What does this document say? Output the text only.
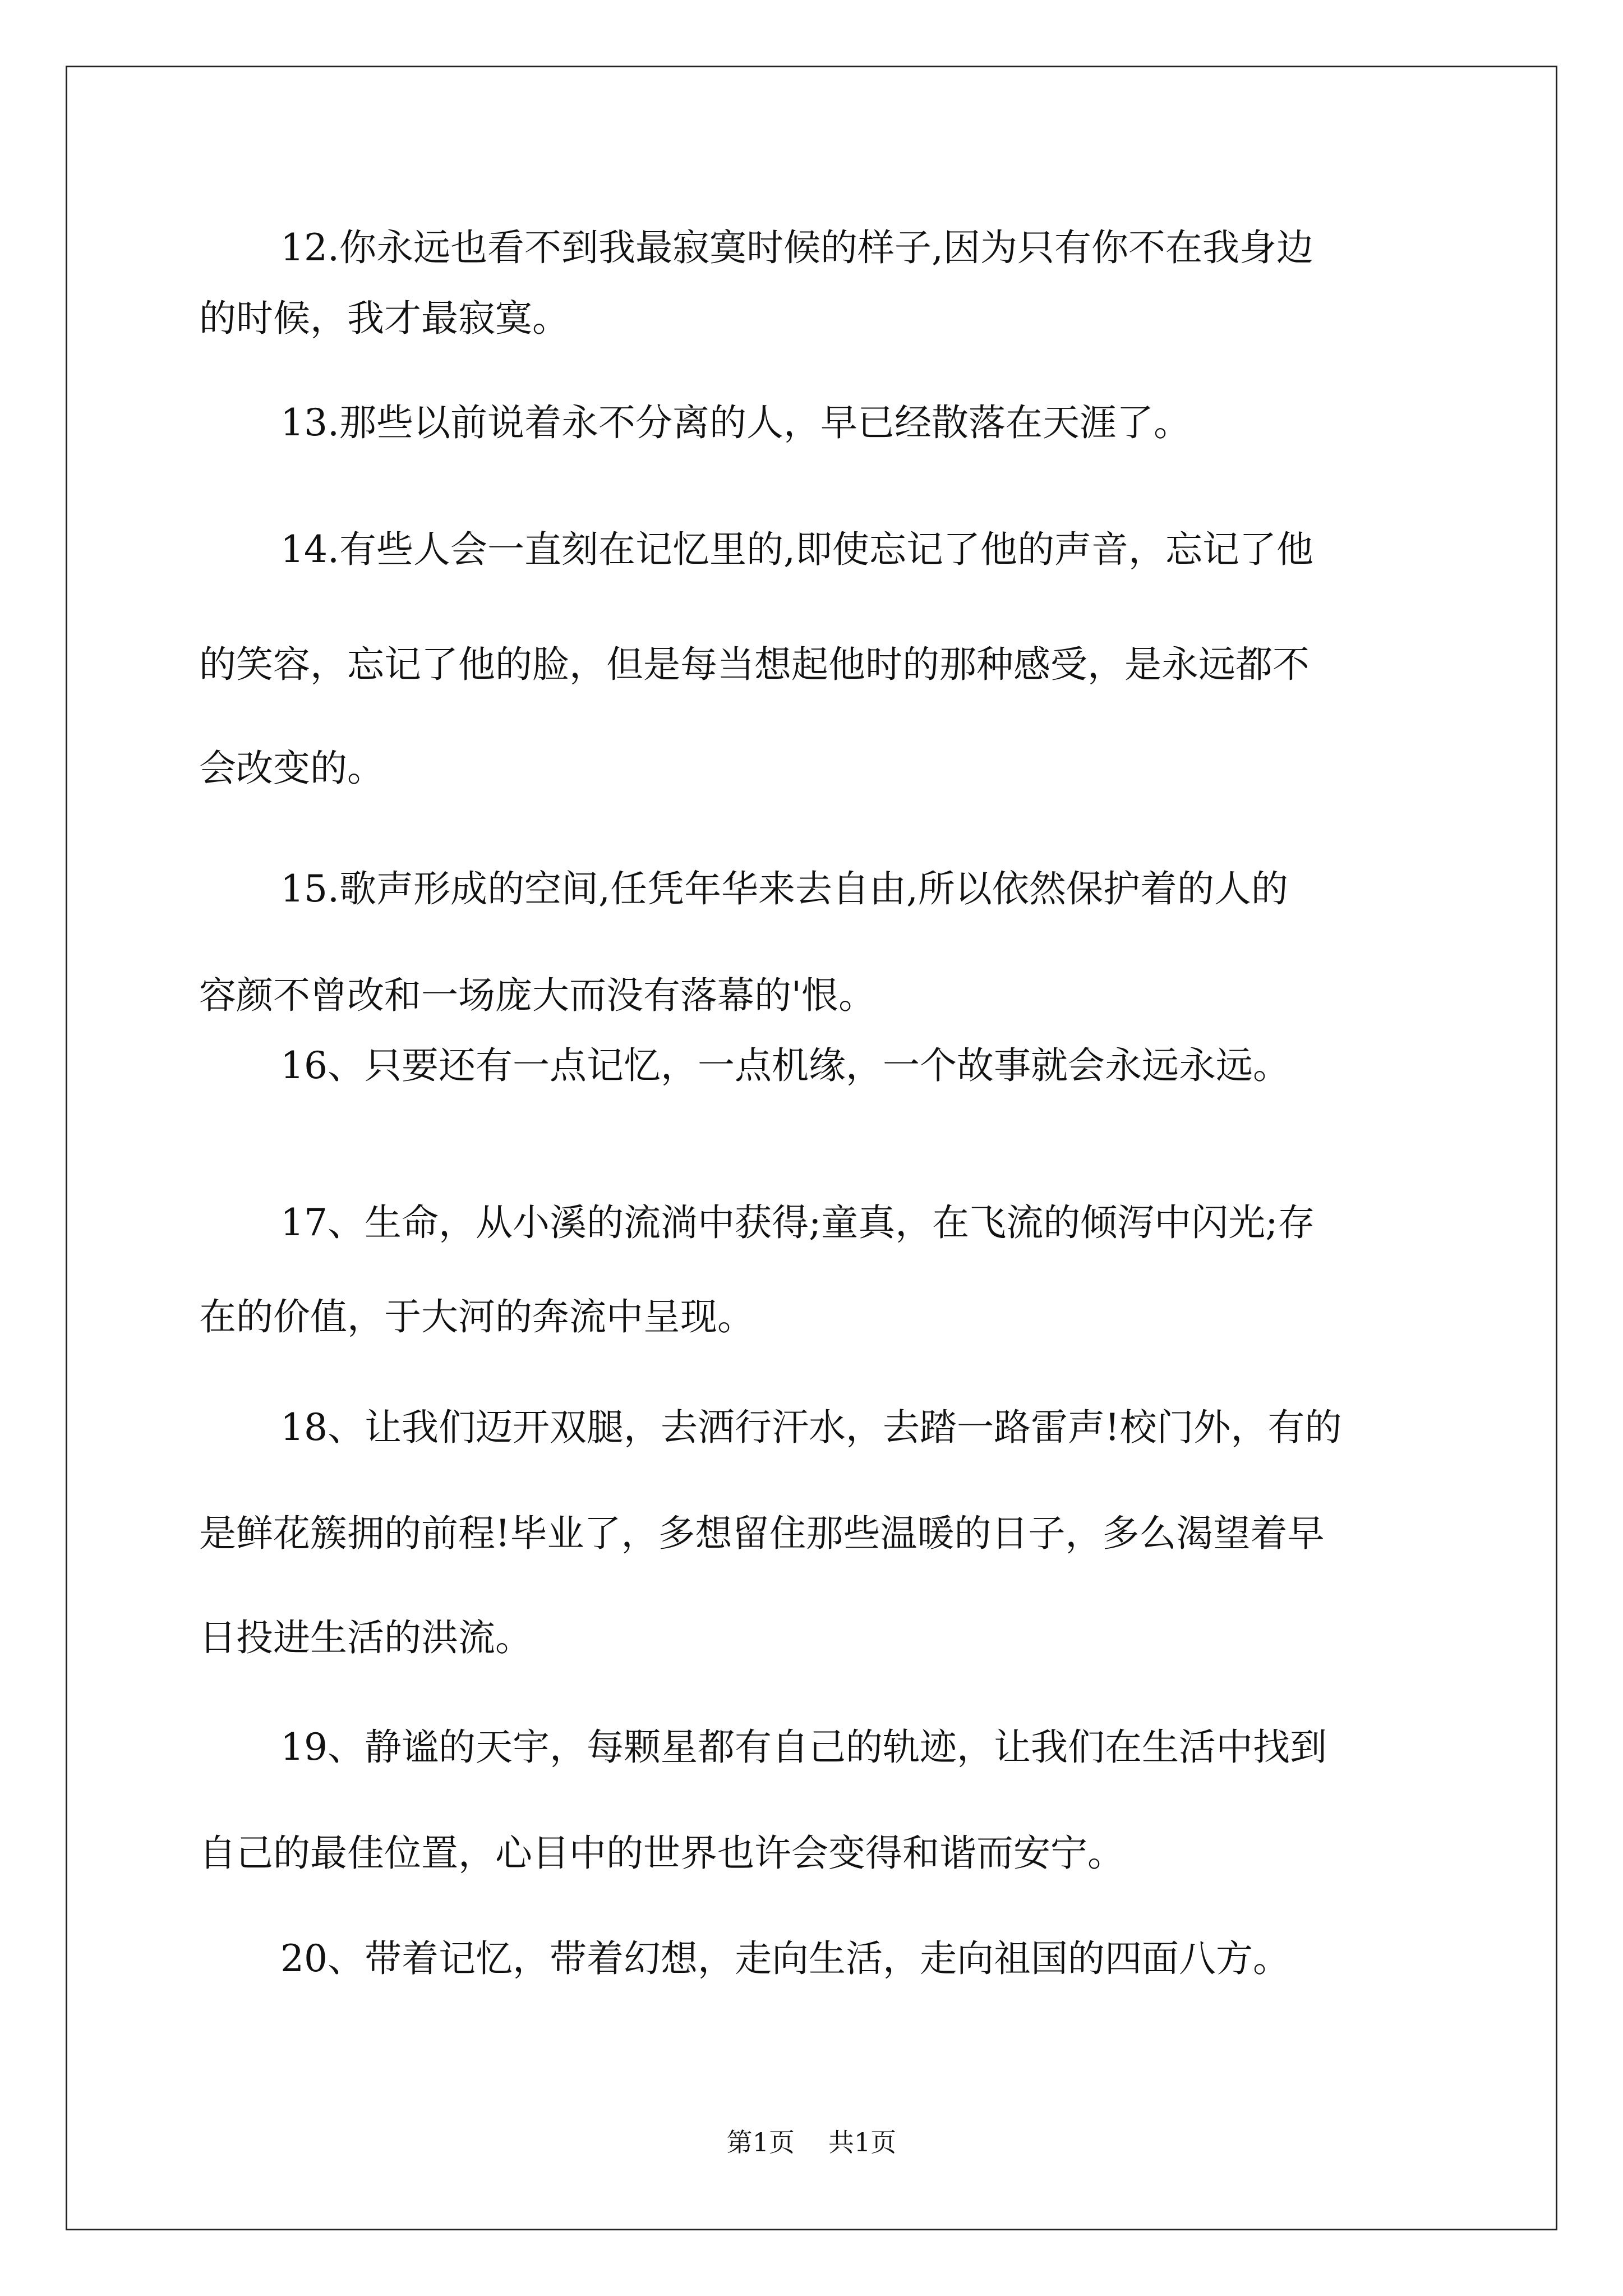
12.你永远也看不到我最寂寞时候的样子,因为只有你不在我身边
的时候，我才最寂寞。
13.那些以前说着永不分离的人，早已经散落在天涯了。
14.有些人会一直刻在记忆里的,即使忘记了他的声音，忘记了他
的笑容，忘记了他的脸，但是每当想起他时的那种感受，是永远都不
会改变的。
15.歌声形成的空间,任凭年华来去自由,所以依然保护着的人的
容颜不曾改和一场庞大而没有落幕的'恨。
16、只要还有一点记忆，一点机缘，一个故事就会永远永远。
17、生命，从小溪的流淌中获得;童真，在飞流的倾泻中闪光;存
在的价值，于大河的奔流中呈现。
18、让我们迈开双腿，去洒行汗水，去踏一路雷声!校门外，有的
是鲜花簇拥的前程!毕业了，多想留住那些温暖的日子，多么渴望着早
日投进生活的洪流。
19、静谧的天宇，每颗星都有自己的轨迹，让我们在生活中找到
自己的最佳位置，心目中的世界也许会变得和谐而安宁。
20、带着记忆，带着幻想，走向生活，走向祖国的四面八方。
第1页 共1页
